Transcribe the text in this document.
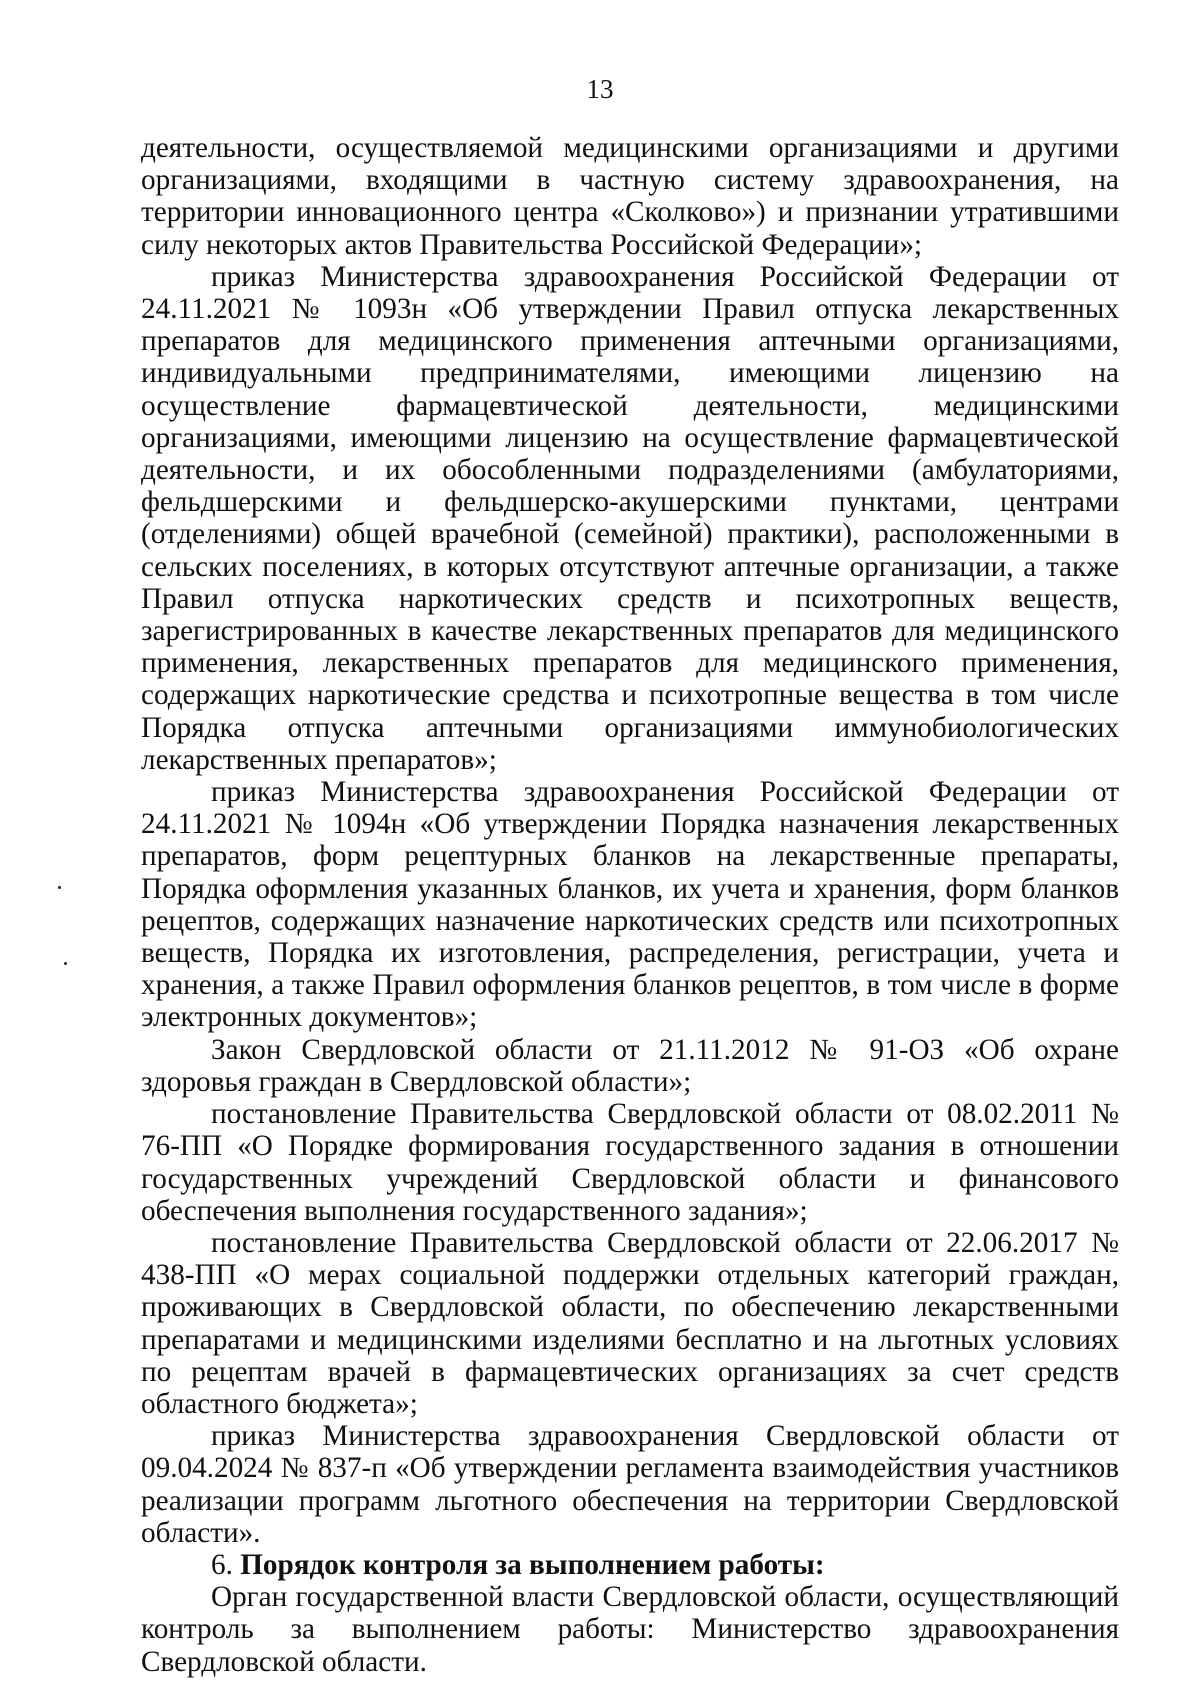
13

деятельности, осуществляемой медицинскими организациями и другими организациями, входящими в частную систему здравоохранения, на территории инновационного центра «Сколково») и признании утратившими силу некоторых актов Правительства Российской Федерации»;

приказ Министерства здравоохранения Российской Федерации от 24.11.2021 № 1093н «Об утверждении Правил отпуска лекарственных препаратов для медицинского применения аптечными организациями, индивидуальными предпринимателями, имеющими лицензию на осуществление фармацевтической деятельности, медицинскими организациями, имеющими лицензию на осуществление фармацевтической деятельности, и их обособленными подразделениями (амбулаториями, фельдшерскими и фельдшерско-акушерскими пунктами, центрами (отделениями) общей врачебной (семейной) практики), расположенными в сельских поселениях, в которых отсутствуют аптечные организации, а также Правил отпуска наркотических средств и психотропных веществ, зарегистрированных в качестве лекарственных препаратов для медицинского применения, лекарственных препаратов для медицинского применения, содержащих наркотические средства и психотропные вещества в том числе Порядка отпуска аптечными организациями иммунобиологических лекарственных препаратов»;

приказ Министерства здравоохранения Российской Федерации от 24.11.2021 № 1094н «Об утверждении Порядка назначения лекарственных препаратов, форм рецептурных бланков на лекарственные препараты, Порядка оформления указанных бланков, их учета и хранения, форм бланков рецептов, содержащих назначение наркотических средств или психотропных веществ, Порядка их изготовления, распределения, регистрации, учета и хранения, а также Правил оформления бланков рецептов, в том числе в форме электронных документов»;

Закон Свердловской области от 21.11.2012 № 91-ОЗ «Об охране здоровья граждан в Свердловской области»;

постановление Правительства Свердловской области от 08.02.2011 № 76-ПП «О Порядке формирования государственного задания в отношении государственных учреждений Свердловской области и финансового обеспечения выполнения государственного задания»;

постановление Правительства Свердловской области от 22.06.2017 № 438-ПП «О мерах социальной поддержки отдельных категорий граждан, проживающих в Свердловской области, по обеспечению лекарственными препаратами и медицинскими изделиями бесплатно и на льготных условиях по рецептам врачей в фармацевтических организациях за счет средств областного бюджета»;

приказ Министерства здравоохранения Свердловской области от 09.04.2024 № 837-п «Об утверждении регламента взаимодействия участников реализации программ льготного обеспечения на территории Свердловской области».

6. Порядок контроля за выполнением работы:

Орган государственной власти Свердловской области, осуществляющий контроль за выполнением работы: Министерство здравоохранения Свердловской области.
